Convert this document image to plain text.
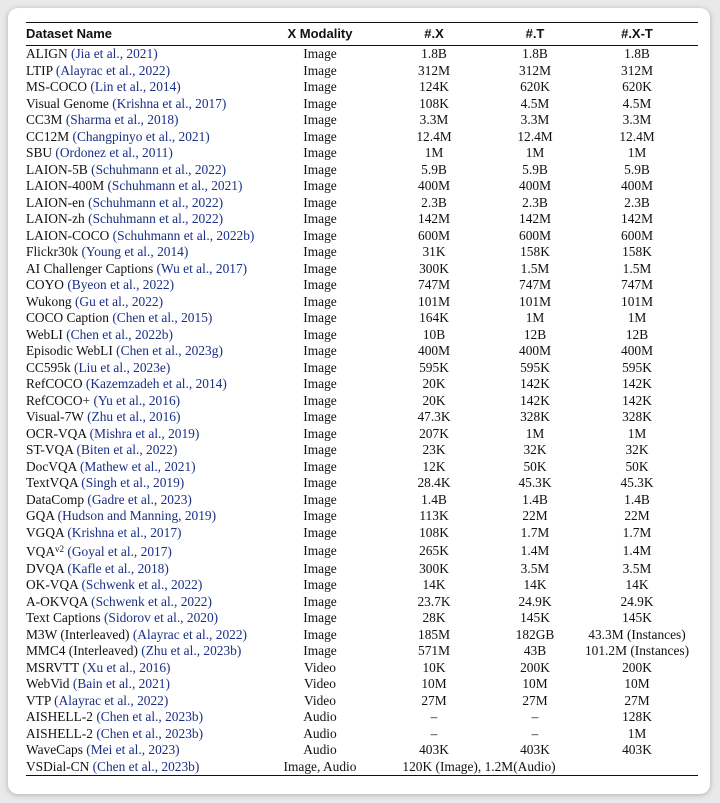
Dataset Name	X Modality	#.X	#.T	#.X-T
ALIGN (Jia et al., 2021)	Image	1.8B	1.8B	1.8B
LTIP (Alayrac et al., 2022)	Image	312M	312M	312M
MS-COCO (Lin et al., 2014)	Image	124K	620K	620K
Visual Genome (Krishna et al., 2017)	Image	108K	4.5M	4.5M
CC3M (Sharma et al., 2018)	Image	3.3M	3.3M	3.3M
CC12M (Changpinyo et al., 2021)	Image	12.4M	12.4M	12.4M
SBU (Ordonez et al., 2011)	Image	1M	1M	1M
LAION-5B (Schuhmann et al., 2022)	Image	5.9B	5.9B	5.9B
LAION-400M (Schuhmann et al., 2021)	Image	400M	400M	400M
LAION-en (Schuhmann et al., 2022)	Image	2.3B	2.3B	2.3B
LAION-zh (Schuhmann et al., 2022)	Image	142M	142M	142M
LAION-COCO (Schuhmann et al., 2022b)	Image	600M	600M	600M
Flickr30k (Young et al., 2014)	Image	31K	158K	158K
AI Challenger Captions (Wu et al., 2017)	Image	300K	1.5M	1.5M
COYO (Byeon et al., 2022)	Image	747M	747M	747M
Wukong (Gu et al., 2022)	Image	101M	101M	101M
COCO Caption (Chen et al., 2015)	Image	164K	1M	1M
WebLI (Chen et al., 2022b)	Image	10B	12B	12B
Episodic WebLI (Chen et al., 2023g)	Image	400M	400M	400M
CC595k (Liu et al., 2023e)	Image	595K	595K	595K
RefCOCO (Kazemzadeh et al., 2014)	Image	20K	142K	142K
RefCOCO+ (Yu et al., 2016)	Image	20K	142K	142K
Visual-7W (Zhu et al., 2016)	Image	47.3K	328K	328K
OCR-VQA (Mishra et al., 2019)	Image	207K	1M	1M
ST-VQA (Biten et al., 2022)	Image	23K	32K	32K
DocVQA (Mathew et al., 2021)	Image	12K	50K	50K
TextVQA (Singh et al., 2019)	Image	28.4K	45.3K	45.3K
DataComp (Gadre et al., 2023)	Image	1.4B	1.4B	1.4B
GQA (Hudson and Manning, 2019)	Image	113K	22M	22M
VGQA (Krishna et al., 2017)	Image	108K	1.7M	1.7M
$VQA^{v2}$ (Goyal et al., 2017)	Image	265K	1.4M	1.4M
DVQA (Kafle et al., 2018)	Image	300K	3.5M	3.5M
OK-VQA (Schwenk et al., 2022)	Image	14K	14K	14K
A-OKVQA (Schwenk et al., 2022)	Image	23.7K	24.9K	24.9K
Text Captions (Sidorov et al., 2020)	Image	28K	145K	145K
M3W (Interleaved) (Alayrac et al., 2022)	Image	185M	182GB	43.3M (Instances)
MMC4 (Interleaved) (Zhu et al., 2023b)	Image	571M	43B	101.2M (Instances)
MSRVTT (Xu et al., 2016)	Video	10K	200K	200K
WebVid (Bain et al., 2021)	Video	10M	10M	10M
VTP (Alayrac et al., 2022)	Video	27M	27M	27M
AISHELL-2 (Chen et al., 2023b)	Audio	–	–	128K
AISHELL-2 (Chen et al., 2023b)	Audio	–	–	1M
WaveCaps (Mei et al., 2023)	Audio	403K	403K	403K
VSDial-CN (Chen et al., 2023b)	Image, Audio	120K (Image), 1.2M(Audio)		
